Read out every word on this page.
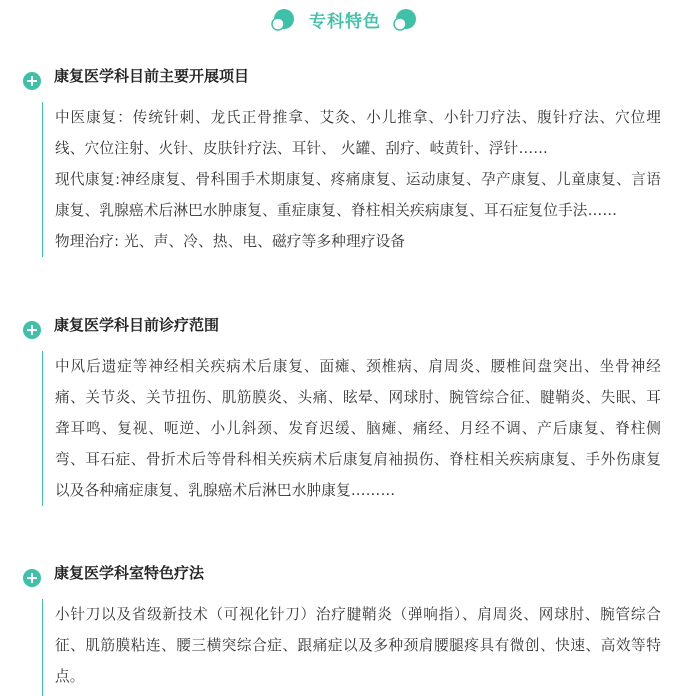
专科特色
康复医学科目前主要开展项目

中医康复：传统针刺、龙氏正骨推拿、艾灸、小儿推拿、小针刀疗法、腹针疗法、穴位埋线、穴位注射、火针、皮肤针疗法、耳针、 火罐、刮疗、岐黄针、浮针……

现代康复:神经康复、骨科围手术期康复、疼痛康复、运动康复、孕产康复、儿童康复、言语康复、乳腺癌术后淋巴水肿康复、重症康复、脊柱相关疾病康复、耳石症复位手法……

物理治疗: 光、声、冷、热、电、磁疗等多种理疗设备

康复医学科目前诊疗范围

中风后遗症等神经相关疾病术后康复、面瘫、颈椎病、肩周炎、腰椎间盘突出、坐骨神经痛、关节炎、关节扭伤、肌筋膜炎、头痛、眩晕、网球肘、腕管综合征、腱鞘炎、失眠、耳聋耳鸣、复视、呃逆、小儿斜颈、发育迟缓、脑瘫、痛经、月经不调、产后康复、脊柱侧弯、耳石症、骨折术后等骨科相关疾病术后康复肩袖损伤、脊柱相关疾病康复、手外伤康复以及各种痛症康复、乳腺癌术后淋巴水肿康复………

康复医学科室特色疗法

小针刀以及省级新技术（可视化针刀）治疗腱鞘炎（弹响指）、肩周炎、网球肘、腕管综合征、肌筋膜粘连、腰三横突综合症、跟痛症以及多种颈肩腰腿疼具有微创、快速、高效等特点。
